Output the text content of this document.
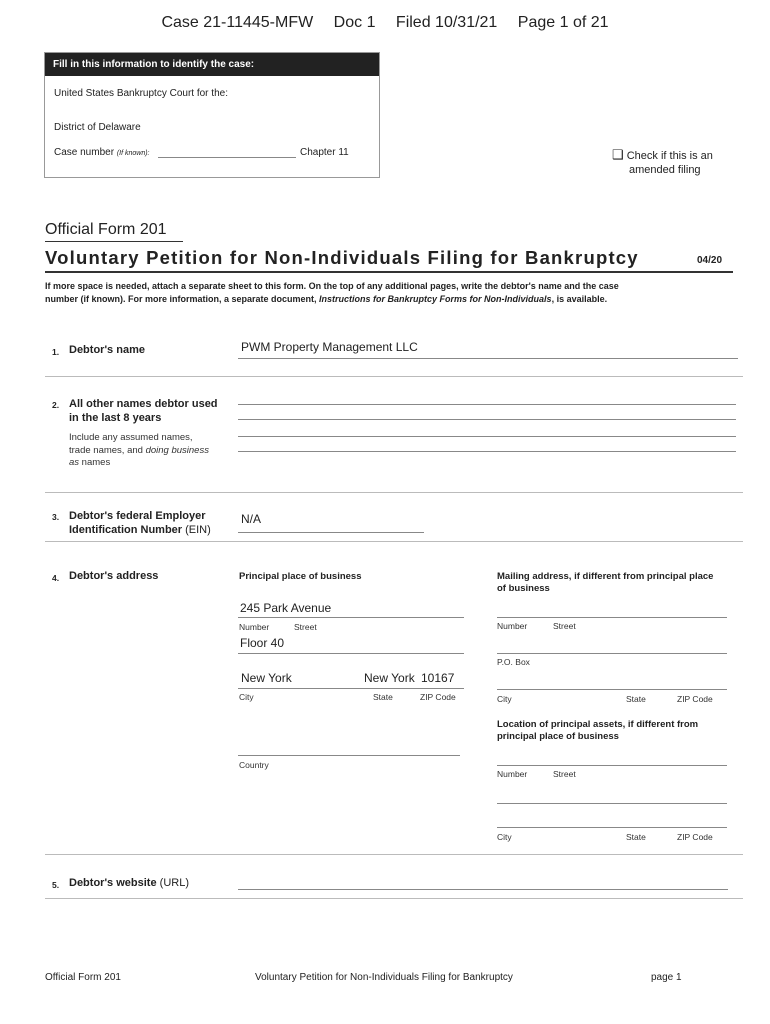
Case 21-11445-MFW Doc 1 Filed 10/31/21 Page 1 of 21
Fill in this information to identify the case:
United States Bankruptcy Court for the:
District of Delaware
Case number (If known):	Chapter 11	❑ Check if this is an
amended filing
Official Form 201
Voluntary Petition for Non-Individuals Filing for Bankruptcy	04/20
If more space is needed, attach a separate sheet to this form. On the top of any additional pages, write the debtor's name and the case
number (if known). For more information, a separate document, Instructions for Bankruptcy Forms for Non-Individuals, is available.
1. Debtor's name	PWM Property Management LLC
2. All other names debtor used
in the last 8 years
Include any assumed names,
trade names, and doing business
as names
3. Debtor's federal Employer
Identification Number (EIN)
N/A
4. Debtor's address	Principal place of business
245 Park Avenue
Number	Street
Floor 40
New York	New York 10167
City	State	ZIP Code
Country
Mailing address, if different from principal place
of business
Number	Street
P.O. Box
City	State	ZIP Code
Location of principal assets, if different from
principal place of business
Number	Street
City	State	ZIP Code
5. Debtor's website (URL)
Official Form 201	Voluntary Petition for Non-Individuals Filing for Bankruptcy	page 1
